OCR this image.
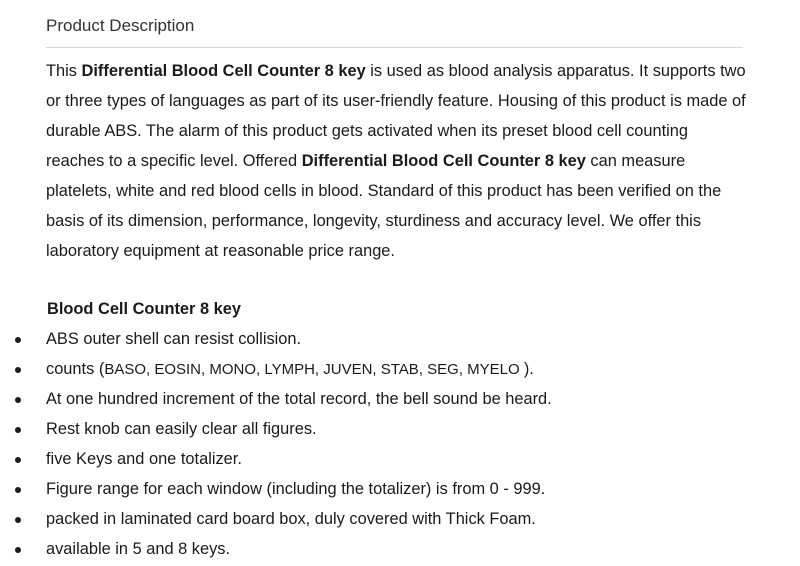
Product Description

This Differential Blood Cell Counter 8 key is used as blood analysis apparatus. It supports two or three types of languages as part of its user-friendly feature. Housing of this product is made of durable ABS. The alarm of this product gets activated when its preset blood cell counting reaches to a specific level. Offered Differential Blood Cell Counter 8 key can measure platelets, white and red blood cells in blood. Standard of this product has been verified on the basis of its dimension, performance, longevity, sturdiness and accuracy level. We offer this laboratory equipment at reasonable price range.

Blood Cell Counter 8 key
ABS outer shell can resist collision.
counts (BASO, EOSIN, MONO, LYMPH, JUVEN, STAB, SEG, MYELO ).
At one hundred increment of the total record, the bell sound be heard.
Rest knob can easily clear all figures.
five Keys and one totalizer.
Figure range for each window (including the totalizer) is from 0 - 999.
packed in laminated card board box, duly covered with Thick Foam.
available in 5 and 8 keys.
